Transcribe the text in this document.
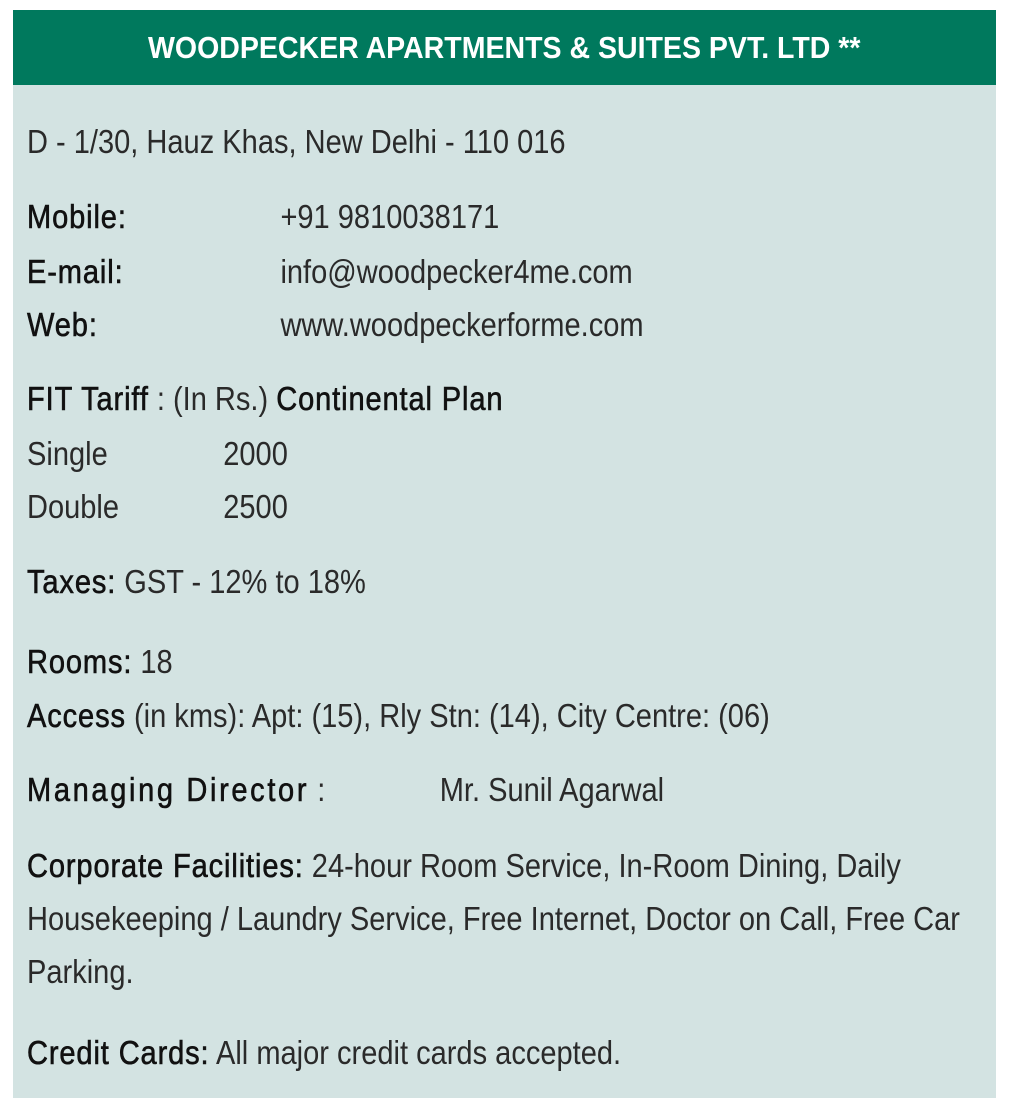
WOODPECKER APARTMENTS & SUITES PVT. LTD **
D - 1/30, Hauz Khas, New Delhi - 110 016
Mobile:	+91 9810038171
E-mail:	info@woodpecker4me.com
Web:	www.woodpeckerforme.com
FIT Tariff : (In Rs.) Continental Plan
Single	2000
Double	2500
Taxes: GST - 12% to 18%
Rooms: 18
Access (in kms): Apt: (15), Rly Stn: (14), City Centre: (06)
Managing Director :	Mr. Sunil Agarwal
Corporate Facilities: 24-hour Room Service, In-Room Dining, Daily Housekeeping / Laundry Service, Free Internet, Doctor on Call, Free Car Parking.
Credit Cards: All major credit cards accepted.
